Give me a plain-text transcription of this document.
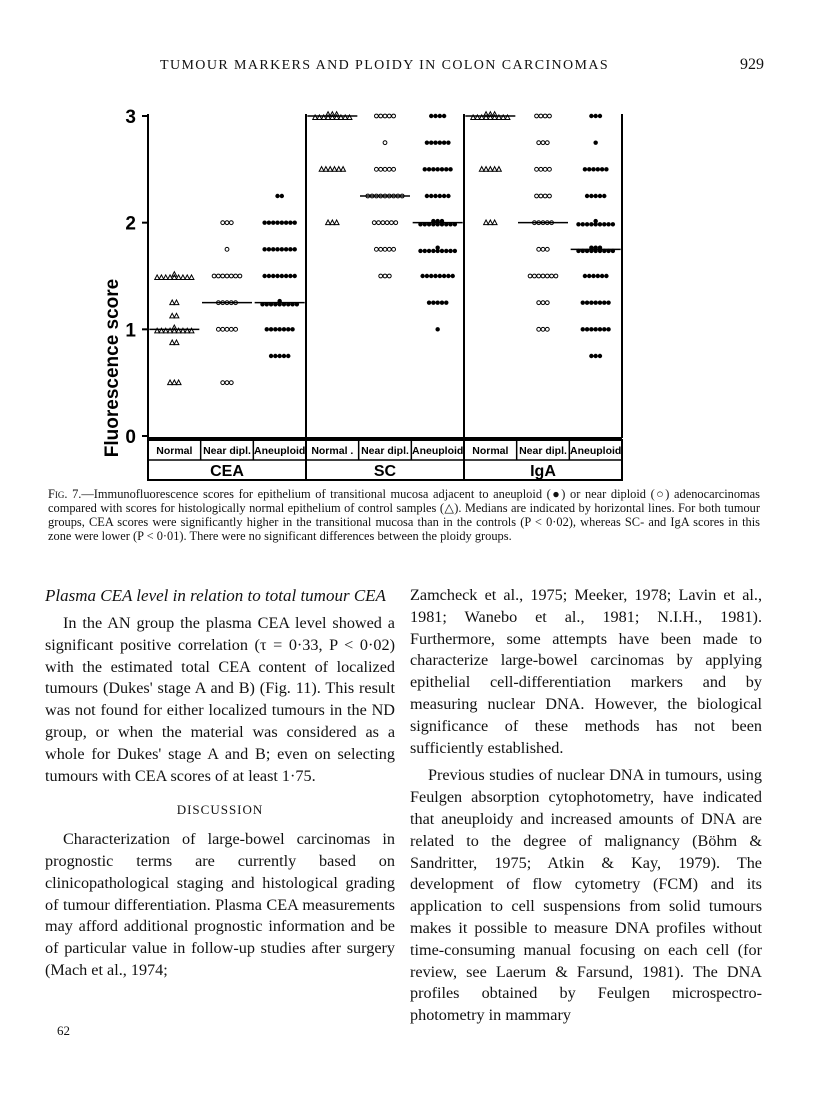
TUMOUR MARKERS AND PLOIDY IN COLON CARCINOMAS	929
0
1
2
3
CEA
Normal Near dipl. Aneuploid
SC
Normal . Near dipl. Aneuploid
IgA
Normal Near dipl. Aneuploid
Fluorescence score
Fig. 7.—Immunofluorescence scores for epithelium of transitional mucosa adjacent to aneuploid (●) or near diploid (○) adenocarcinomas compared with scores for histologically normal epithelium of control samples (△). Medians are indicated by horizontal lines. For both tumour groups, CEA scores were significantly higher in the transitional mucosa than in the controls (P < 0·02), whereas SC- and IgA scores in this zone were lower (P < 0·01). There were no significant differences between the ploidy groups.

Plasma CEA level in relation to total tumour CEA

In the AN group the plasma CEA level showed a significant positive correlation (τ = 0·33, P < 0·02) with the estimated total CEA content of localized tumours (Dukes' stage A and B) (Fig. 11). This result was not found for either localized tumours in the ND group, or when the material was considered as a whole for Dukes' stage A and B; even on selecting tumours with CEA scores of at least 1·75.

DISCUSSION

Characterization of large-bowel carcinomas in prognostic terms are currently based on clinicopathological staging and histological grading of tumour differentiation. Plasma CEA measurements may afford additional prognostic information and be of particular value in follow-up studies after surgery (Mach et al., 1974;

Zamcheck et al., 1975; Meeker, 1978; Lavin et al., 1981; Wanebo et al., 1981; N.I.H., 1981). Furthermore, some attempts have been made to characterize large-bowel carcinomas by applying epithelial cell-differentiation markers and by measuring nuclear DNA. However, the biological significance of these methods has not been sufficiently established.

Previous studies of nuclear DNA in tumours, using Feulgen absorption cytophotometry, have indicated that aneuploidy and increased amounts of DNA are related to the degree of malignancy (Böhm & Sandritter, 1975; Atkin & Kay, 1979). The development of flow cytometry (FCM) and its application to cell suspensions from solid tumours makes it possible to measure DNA profiles without time-consuming manual focusing on each cell (for review, see Laerum & Farsund, 1981). The DNA profiles obtained by Feulgen microspectro-photometry in mammary

62
